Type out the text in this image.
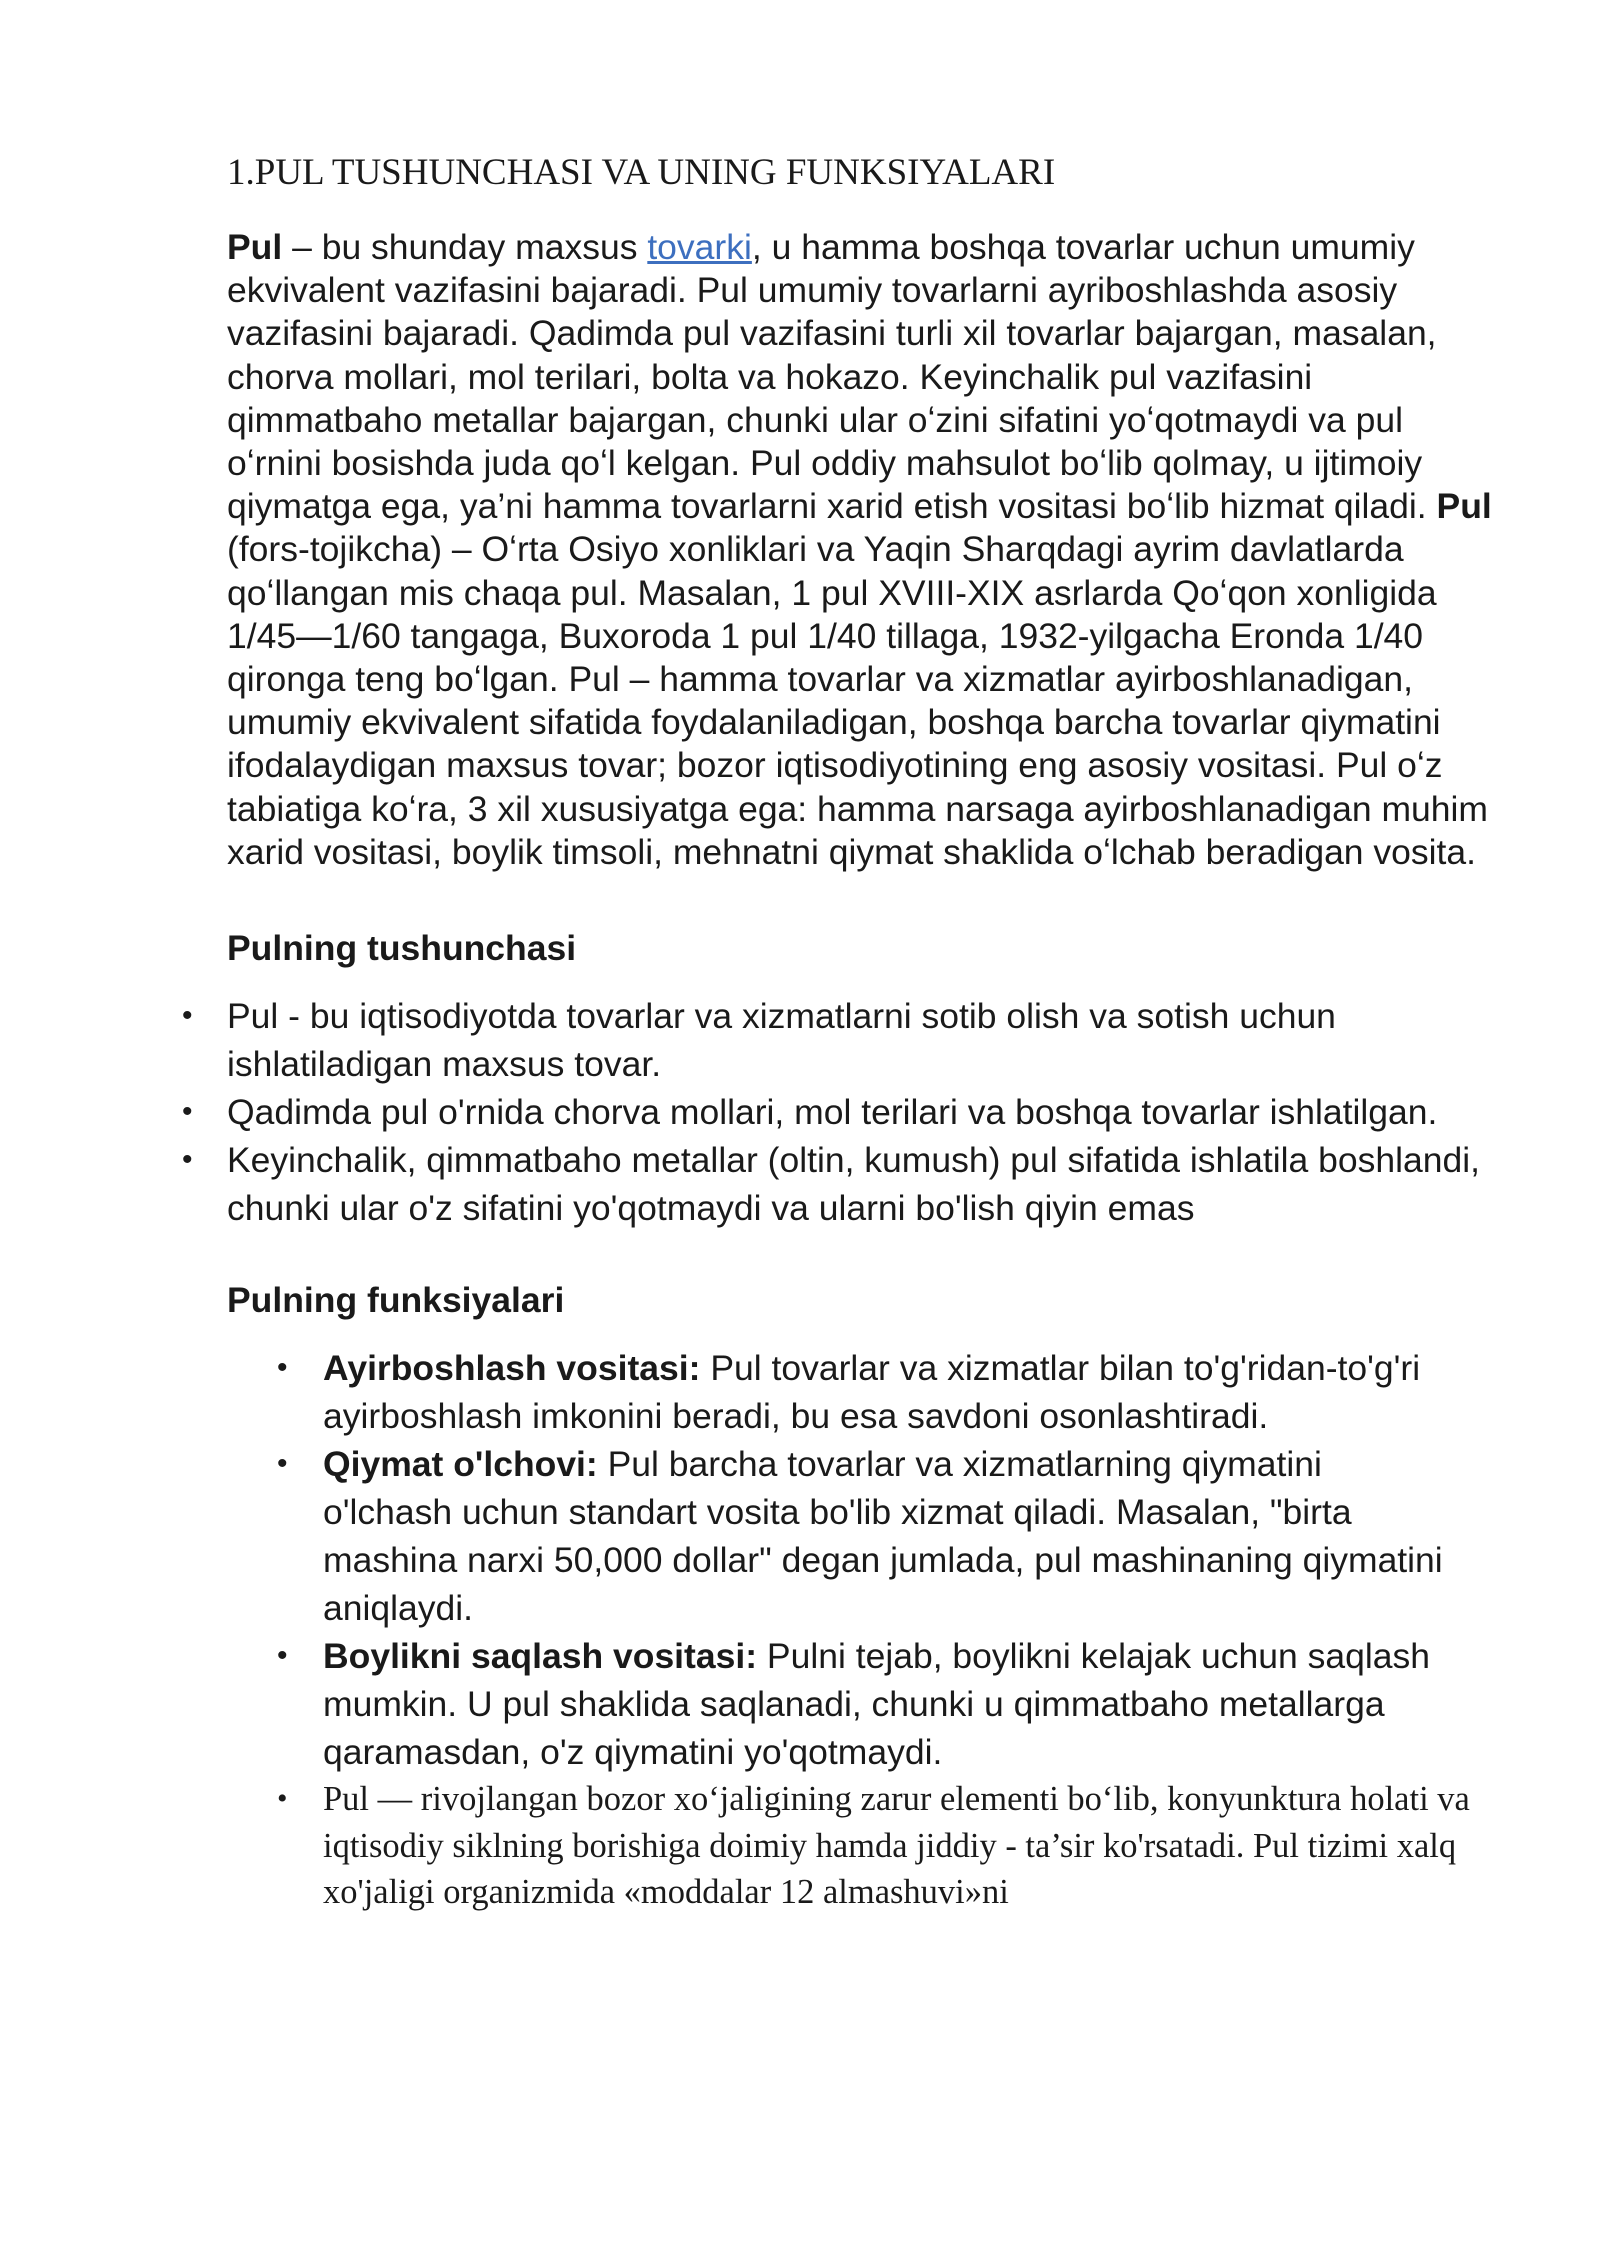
1.PUL TUSHUNCHASI VA UNING FUNKSIYALARI

Pul – bu shunday maxsus tovarki, u hamma boshqa tovarlar uchun umumiy ekvivalent vazifasini bajaradi. Pul umumiy tovarlarni ayriboshlashda asosiy vazifasini bajaradi. Qadimda pul vazifasini turli xil tovarlar bajargan, masalan, chorva mollari, mol terilari, bolta va hokazo. Keyinchalik pul vazifasini qimmatbaho metallar bajargan, chunki ular oʻzini sifatini yoʻqotmaydi va pul oʻrnini bosishda juda qoʻl kelgan. Pul oddiy mahsulot boʻlib qolmay, u ijtimoiy qiymatga ega, ya’ni hamma tovarlarni xarid etish vositasi boʻlib hizmat qiladi. Pul (fors-tojikcha) – Oʻrta Osiyo xonliklari va Yaqin Sharqdagi ayrim davlatlarda qoʻllangan mis chaqa pul. Masalan, 1 pul XVIII-XIX asrlarda Qoʻqon xonligida 1/45—1/60 tangaga, Buxoroda 1 pul 1/40 tillaga, 1932-yilgacha Eronda 1/40 qironga teng boʻlgan. Pul – hamma tovarlar va xizmatlar ayirboshlanadigan, umumiy ekvivalent sifatida foydalaniladigan, boshqa barcha tovarlar qiymatini ifodalaydigan maxsus tovar; bozor iqtisodiyotining eng asosiy vositasi. Pul oʻz tabiatiga koʻra, 3 xil xususiyatga ega: hamma narsaga ayirboshlanadigan muhim xarid vositasi, boylik timsoli, mehnatni qiymat shaklida oʻlchab beradigan vosita.

Pulning tushunchasi
• Pul - bu iqtisodiyotda tovarlar va xizmatlarni sotib olish va sotish uchun ishlatiladigan maxsus tovar.
• Qadimda pul o'rnida chorva mollari, mol terilari va boshqa tovarlar ishlatilgan.
• Keyinchalik, qimmatbaho metallar (oltin, kumush) pul sifatida ishlatila boshlandi, chunki ular o'z sifatini yo'qotmaydi va ularni bo'lish qiyin emas
Pulning funksiyalari
• Ayirboshlash vositasi: Pul tovarlar va xizmatlar bilan to'g'ridan-to'g'ri ayirboshlash imkonini beradi, bu esa savdoni osonlashtiradi.
• Qiymat o'lchovi: Pul barcha tovarlar va xizmatlarning qiymatini o'lchash uchun standart vosita bo'lib xizmat qiladi. Masalan, "birta mashina narxi 50,000 dollar" degan jumlada, pul mashinaning qiymatini aniqlaydi.
• Boylikni saqlash vositasi: Pulni tejab, boylikni kelajak uchun saqlash mumkin. U pul shaklida saqlanadi, chunki u qimmatbaho metallarga qaramasdan, o'z qiymatini yo'qotmaydi.
• Pul — rivojlangan bozor xoʻjaligining zarur elementi boʻlib, konyunktura holati va iqtisodiy siklning borishiga doimiy hamda jiddiy - ta’sir ko'rsatadi. Pul tizimi xalq xo'jaligi organizmida «moddalar 12 almashuvi»ni
